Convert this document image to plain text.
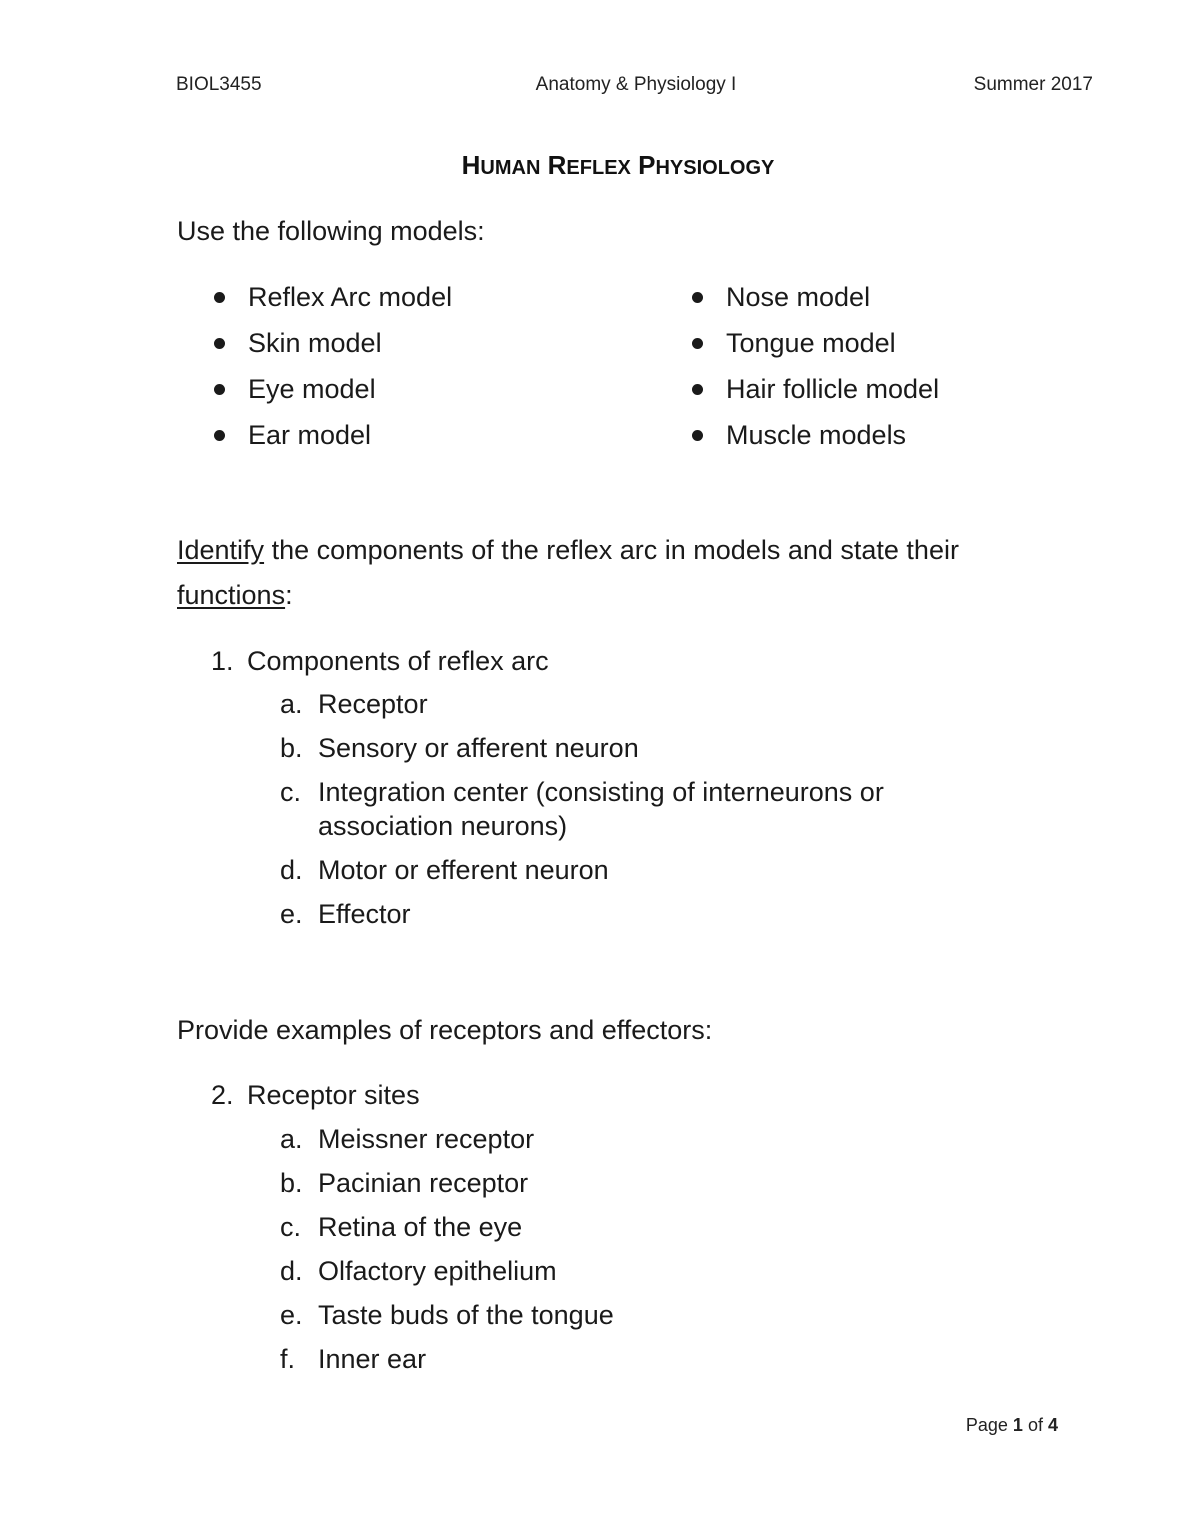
BIOL3455	Anatomy & Physiology I	Summer 2017
HUMAN REFLEX PHYSIOLOGY
Use the following models:
Reflex Arc model
Skin model
Eye model
Ear model
Nose model
Tongue model
Hair follicle model
Muscle models
Identify the components of the reflex arc in models and state their
functions:
1. Components of reflex arc
a. Receptor
b. Sensory or afferent neuron
c. Integration center (consisting of interneurons or association neurons)
d. Motor or efferent neuron
e. Effector
Provide examples of receptors and effectors:
2. Receptor sites
a. Meissner receptor
b. Pacinian receptor
c. Retina of the eye
d. Olfactory epithelium
e. Taste buds of the tongue
f. Inner ear
Page 1 of 4
